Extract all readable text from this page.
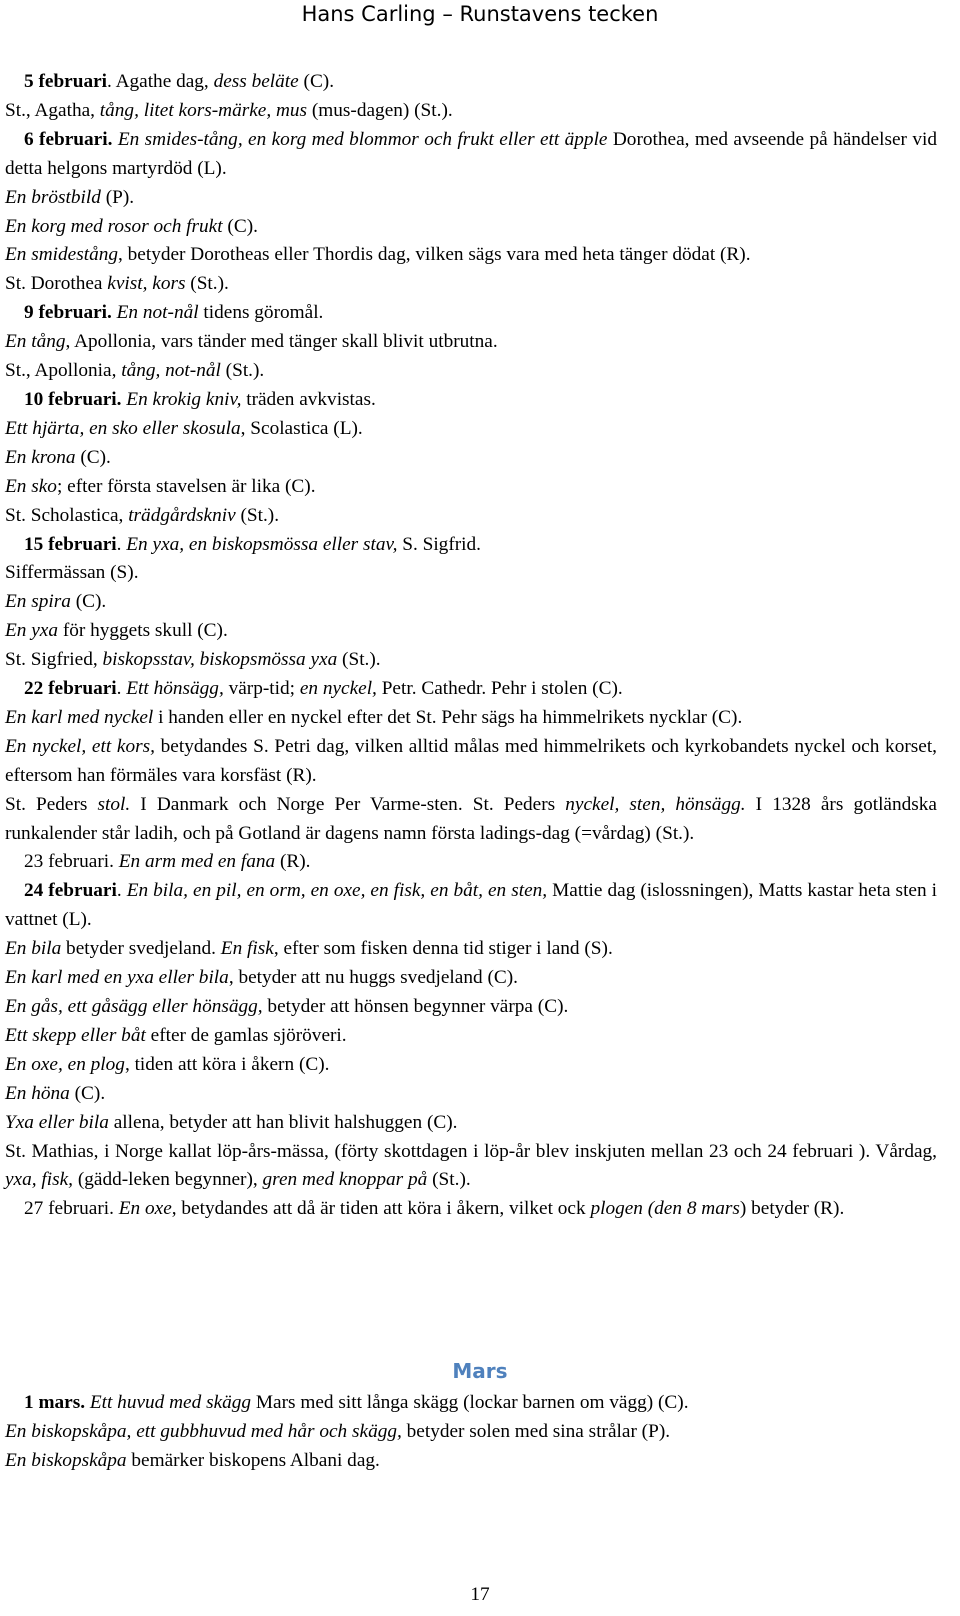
Hans Carling – Runstavens tecken

5 februari. Agathe dag, dess beläte (C).

St., Agatha, tång, litet kors-märke, mus (mus-dagen) (St.).

6 februari. En smides-tång, en korg med blommor och frukt eller ett äpple Dorothea, med avseende på händelser vid detta helgons martyrdöd (L).

En bröstbild (P).

En korg med rosor och frukt (C).

En smidestång, betyder Dorotheas eller Thordis dag, vilken sägs vara med heta tänger dödat (R).

St. Dorothea kvist, kors (St.).

9 februari. En not-nål tidens göromål.

En tång, Apollonia, vars tänder med tänger skall blivit utbrutna.

St., Apollonia, tång, not-nål (St.).

10 februari. En krokig kniv, träden avkvistas.

Ett hjärta, en sko eller skosula, Scolastica (L).

En krona (C).

En sko; efter första stavelsen är lika (C).

St. Scholastica, trädgårdskniv (St.).

15 februari. En yxa, en biskopsmössa eller stav, S. Sigfrid.

Siffermässan (S).

En spira (C).

En yxa för hyggets skull (C).

St. Sigfried, biskopsstav, biskopsmössa yxa (St.).

22 februari. Ett hönsägg, värp-tid; en nyckel, Petr. Cathedr. Pehr i stolen (C).

En karl med nyckel i handen eller en nyckel efter det St. Pehr sägs ha himmelrikets nycklar (C).

En nyckel, ett kors, betydandes S. Petri dag, vilken alltid målas med himmelrikets och kyrkobandets nyckel och korset, eftersom han förmäles vara korsfäst (R).

St. Peders stol. I Danmark och Norge Per Varme-sten. St. Peders nyckel, sten, hönsägg. I 1328 års gotländska runkalender står ladih, och på Gotland är dagens namn första ladings-dag (=vårdag) (St.).

23 februari. En arm med en fana (R).

24 februari. En bila, en pil, en orm, en oxe, en fisk, en båt, en sten, Mattie dag (islossningen), Matts kastar heta sten i vattnet (L).

En bila betyder svedjeland. En fisk, efter som fisken denna tid stiger i land (S).

En karl med en yxa eller bila, betyder att nu huggs svedjeland (C).

En gås, ett gåsägg eller hönsägg, betyder att hönsen begynner värpa (C).

Ett skepp eller båt efter de gamlas sjöröveri.

En oxe, en plog, tiden att köra i åkern (C).

En höna (C).

Yxa eller bila allena, betyder att han blivit halshuggen (C).

St. Mathias, i Norge kallat löp-års-mässa, (förty skottdagen i löp-år blev inskjuten mellan 23 och 24 februari ). Vårdag, yxa, fisk, (gädd-leken begynner), gren med knoppar på (St.).

27 februari. En oxe, betydandes att då är tiden att köra i åkern, vilket ock plogen (den 8 mars) betyder (R).

Mars

1 mars. Ett huvud med skägg Mars med sitt långa skägg (lockar barnen om vägg) (C).

En biskopskåpa, ett gubbhuvud med hår och skägg, betyder solen med sina strålar (P).

En biskopskåpa bemärker biskopens Albani dag.

17
